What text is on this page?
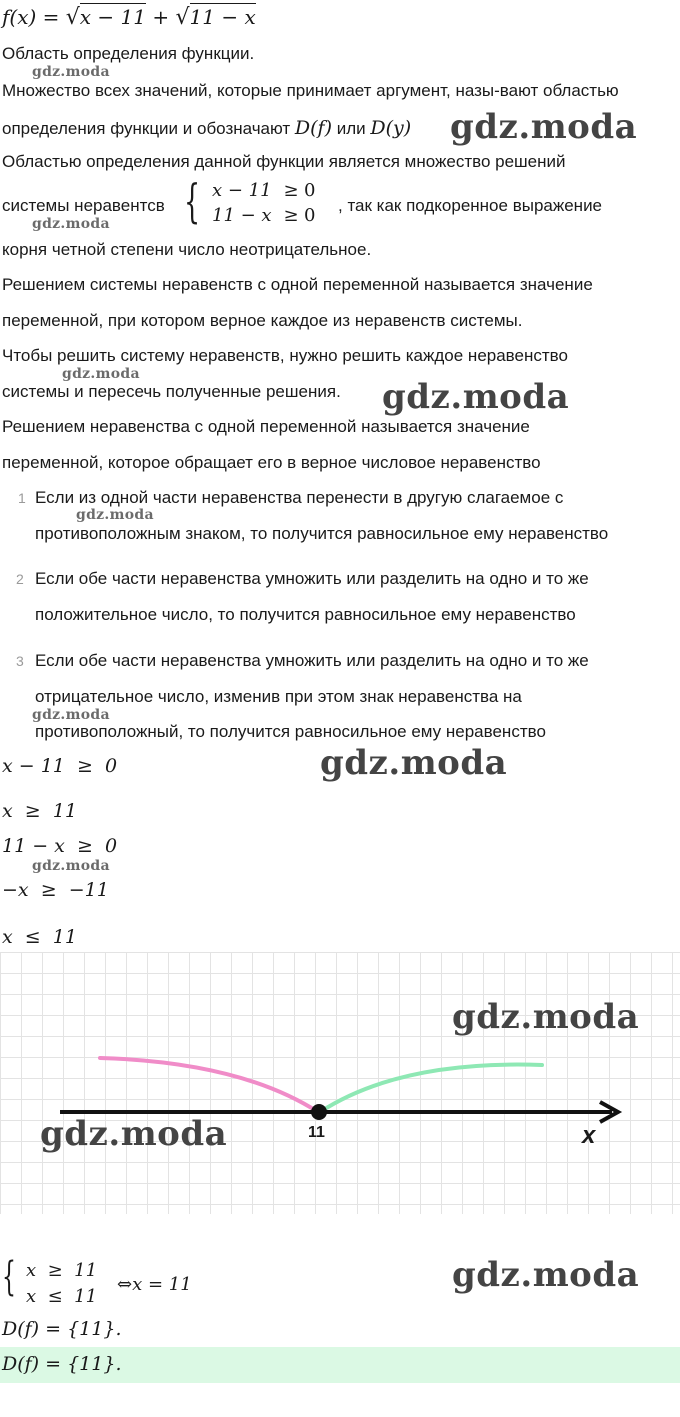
f(x) = √x − 11 + √11 − x
Область определения функции.
gdz.moda
Множество всех значений, которые принимает аргумент, назы-вают областью
определения функции и обозначают D(f) или D(y) gdz.moda
Областью определения данной функции является множество решений
системы неравентсв { x − 11 ≥ 0
11 − x ≥ 0 , так как подкоренное выражение
gdz.moda
корня четной степени число неотрицательное.
Решением системы неравенств с одной переменной называется значение
переменной, при котором верное каждое из неравенств системы.
Чтобы решить систему неравенств, нужно решить каждое неравенство
gdz.moda
системы и пересечь полученные решения. gdz.moda
Решением неравенства с одной переменной называется значение
переменной, которое обращает его в верное числовое неравенство
1 Если из одной части неравенства перенести в другую слагаемое с
gdz.moda
противоположным знаком, то получится равносильное ему неравенство
2 Если обе части неравенства умножить или разделить на одно и то же
положительное число, то получится равносильное ему неравенство
3 Если обе части неравенства умножить или разделить на одно и то же
отрицательное число, изменив при этом знак неравенства на
gdz.moda
противоположный, то получится равносильное ему неравенство
x − 11  ≥  0	gdz.moda
x  ≥  11
11 − x  ≥  0
gdz.moda
−x  ≥  −11
x  ≤  11
11	x
gdz.moda
gdz.moda
{ x  ≥  11
x  ≤  11
⇔x = 11	gdz.moda
D(f) = {11}.
D(f) = {11}.
